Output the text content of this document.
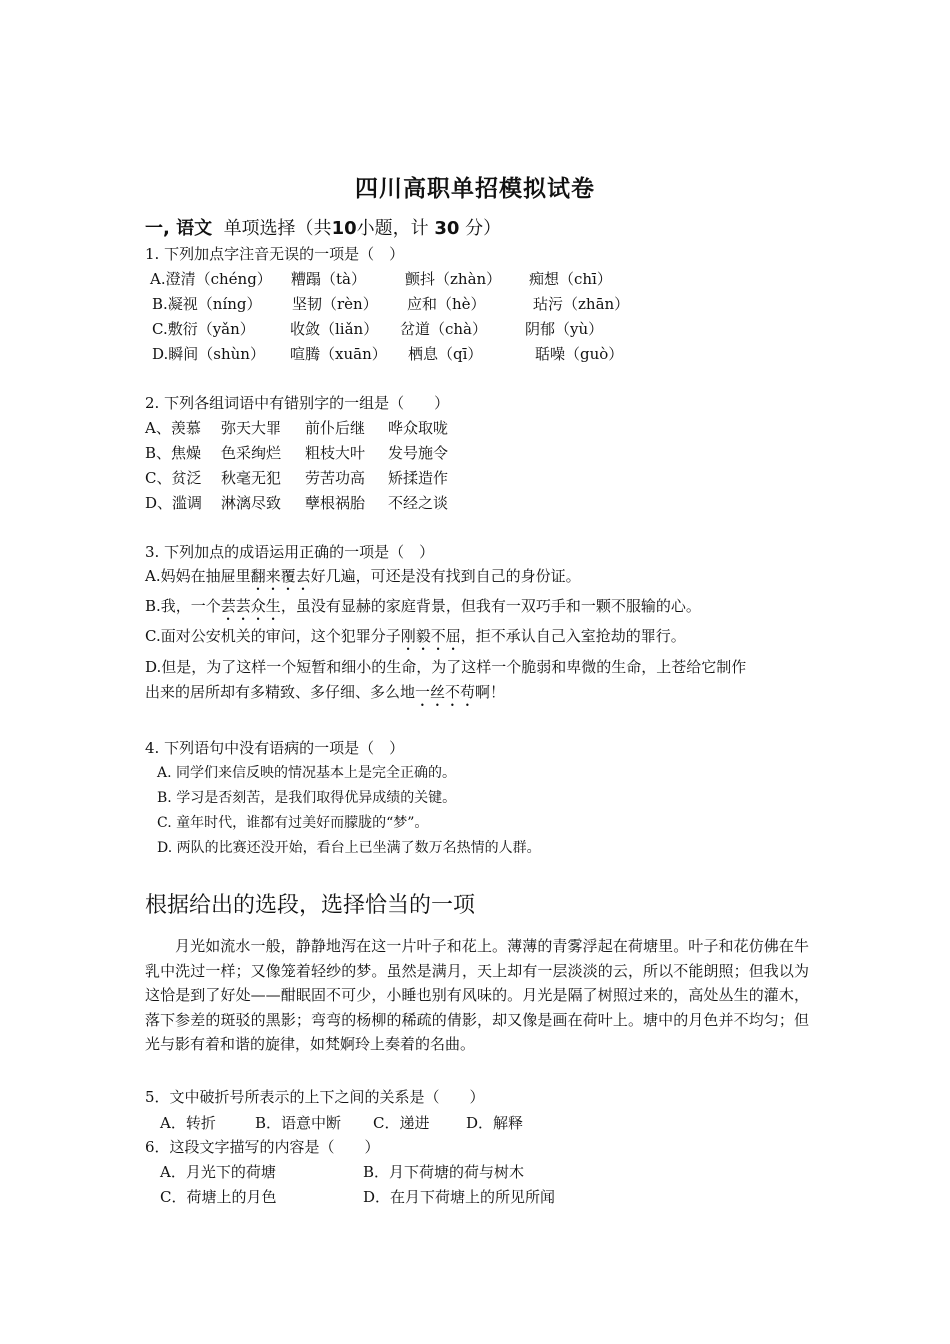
四川高职单招模拟试卷
一, 语文 单项选择（共10小题，计 30 分）
1. 下列加点字注音无误的一项是（　）
A.澄清（chéng） 糟蹋（tà）	颤抖（zhàn） 痴想（chī）
B.凝视（níng） 坚韧（rèn） 应和（hè）	玷污（zhān）
C.敷衍（yǎn） 收敛（liǎn） 岔道（chà）	阴郁（yù）
D.瞬间（shùn） 喧腾（xuān） 栖息（qī）	聒噪（guò）
2. 下列各组词语中有错别字的一组是（　　）
A、羡慕 弥天大罪 前仆后继 哗众取咙
B、焦燥 色采绚烂 粗枝大叶 发号施令
C、贫泛 秋毫无犯 劳苦功高 矫揉造作
D、滥调 淋漓尽致 孽根祸胎 不经之谈
3. 下列加点的成语运用正确的一项是（　）
A.妈妈在抽屉里翻来覆去好几遍，可还是没有找到自己的身份证。
B.我，一个芸芸众生，虽没有显赫的家庭背景，但我有一双巧手和一颗不服输的心。
C.面对公安机关的审问，这个犯罪分子刚毅不屈，拒不承认自己入室抢劫的罪行。
D.但是，为了这样一个短暂和细小的生命，为了这样一个脆弱和卑微的生命，上苍给它制作
出来的居所却有多精致、多仔细、多么地一丝不苟啊！
4. 下列语句中没有语病的一项是（　）
A. 同学们来信反映的情况基本上是完全正确的。
B. 学习是否刻苦，是我们取得优异成绩的关键。
C. 童年时代，谁都有过美好而朦胧的“梦”。
D. 两队的比赛还没开始，看台上已坐满了数万名热情的人群。
根据给出的选段，选择恰当的一项
月光如流水一般，静静地泻在这一片叶子和花上。薄薄的青雾浮起在荷塘里。叶子和花仿佛在牛乳中洗过一样；又像笼着轻纱的梦。虽然是满月，天上却有一层淡淡的云，所以不能朗照；但我以为这恰是到了好处——酣眠固不可少，小睡也别有风味的。月光是隔了树照过来的，高处丛生的灌木，落下参差的斑驳的黑影；弯弯的杨柳的稀疏的倩影，却又像是画在荷叶上。塘中的月色并不均匀；但光与影有着和谐的旋律，如梵婀玲上奏着的名曲。
5．文中破折号所表示的上下之间的关系是（　　）
A．转折	B．语意中断 C．递进 D．解释
6．这段文字描写的内容是（　　）
A．月光下的荷塘	B．月下荷塘的荷与树木
C．荷塘上的月色	D．在月下荷塘上的所见所闻
